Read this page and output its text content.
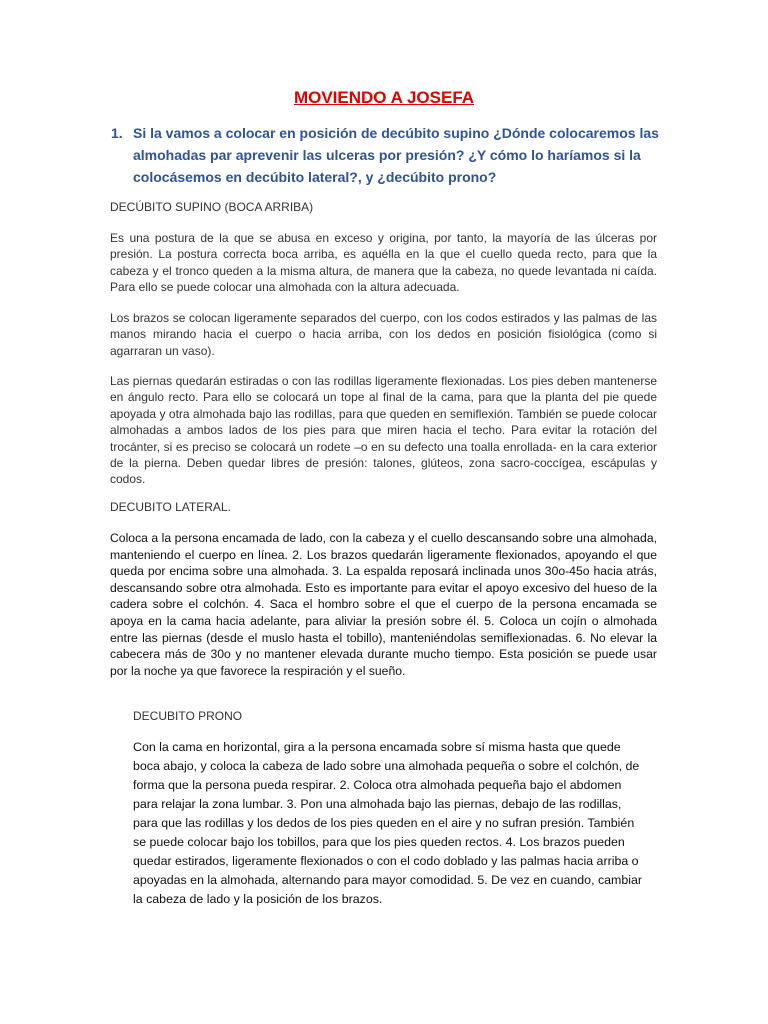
MOVIENDO A JOSEFA
1. Si la vamos a colocar en posición de decúbito supino ¿Dónde colocaremos las almohadas par aprevenir las ulceras por presión? ¿Y cómo lo haríamos si la colocásemos en decúbito lateral?, y ¿decúbito prono?
DECÚBITO SUPINO (BOCA ARRIBA)
Es una postura de la que se abusa en exceso y origina, por tanto, la mayoría de las úlceras por presión. La postura correcta boca arriba, es aquélla en la que el cuello queda recto, para que la cabeza y el tronco queden a la misma altura, de manera que la cabeza, no quede levantada ni caída. Para ello se puede colocar una almohada con la altura adecuada.
Los brazos se colocan ligeramente separados del cuerpo, con los codos estirados y las palmas de las manos mirando hacia el cuerpo o hacia arriba, con los dedos en posición fisiológica (como si agarraran un vaso).
Las piernas quedarán estiradas o con las rodillas ligeramente flexionadas. Los pies deben mantenerse en ángulo recto. Para ello se colocará un tope al final de la cama, para que la planta del pie quede apoyada y otra almohada bajo las rodillas, para que queden en semiflexión. También se puede colocar almohadas a ambos lados de los pies para que miren hacia el techo. Para evitar la rotación del trocánter, si es preciso se colocará un rodete –o en su defecto una toalla enrollada- en la cara exterior de la pierna. Deben quedar libres de presión: talones, glúteos, zona sacro-coccígea, escápulas y codos.
DECUBITO LATERAL.
Coloca a la persona encamada de lado, con la cabeza y el cuello descansando sobre una almohada, manteniendo el cuerpo en línea. 2. Los brazos quedarán ligeramente flexionados, apoyando el que queda por encima sobre una almohada. 3. La espalda reposará inclinada unos 30o-45o hacia atrás, descansando sobre otra almohada. Esto es importante para evitar el apoyo excesivo del hueso de la cadera sobre el colchón. 4. Saca el hombro sobre el que el cuerpo de la persona encamada se apoya en la cama hacia adelante, para aliviar la presión sobre él. 5. Coloca un cojín o almohada entre las piernas (desde el muslo hasta el tobillo), manteniéndolas semiflexionadas. 6. No elevar la cabecera más de 30o y no mantener elevada durante mucho tiempo. Esta posición se puede usar por la noche ya que favorece la respiración y el sueño.
DECUBITO PRONO
Con la cama en horizontal, gira a la persona encamada sobre sí misma hasta que quede boca abajo, y coloca la cabeza de lado sobre una almohada pequeña o sobre el colchón, de forma que la persona pueda respirar. 2. Coloca otra almohada pequeña bajo el abdomen para relajar la zona lumbar. 3. Pon una almohada bajo las piernas, debajo de las rodillas, para que las rodillas y los dedos de los pies queden en el aire y no sufran presión. También se puede colocar bajo los tobillos, para que los pies queden rectos. 4. Los brazos pueden quedar estirados, ligeramente flexionados o con el codo doblado y las palmas hacia arriba o apoyadas en la almohada, alternando para mayor comodidad. 5. De vez en cuando, cambiar la cabeza de lado y la posición de los brazos.
